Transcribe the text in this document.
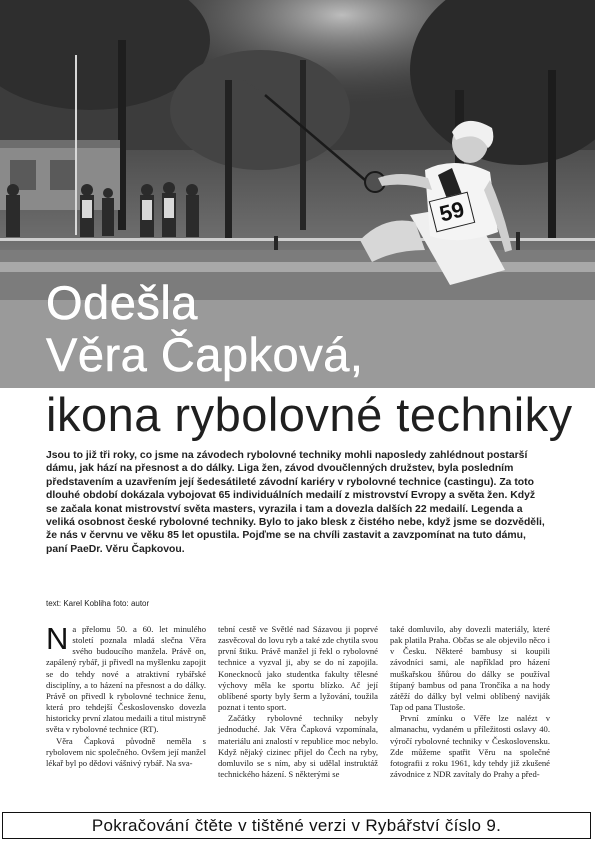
59
Odešla
Věra Čapková,
ikona rybolovné techniky
Jsou to již tři roky, co jsme na závodech rybolovné techniky mohli naposledy zahlédnout postarší dámu, jak hází na přesnost a do dálky. Liga žen, závod dvoučlenných družstev, byla posledním představením a uzavřením její šedesátileté závodní kariéry v rybolovné technice (castingu). Za toto dlouhé období dokázala vybojovat 65 individuálních medailí z mistrovství Evropy a světa žen. Když se začala konat mistrovství světa masters, vyrazila i tam a dovezla dalších 22 medailí. Legenda a veliká osobnost české rybolovné techniky. Bylo to jako blesk z čistého nebe, když jsme se dozvěděli, že nás v červnu ve věku 85 let opustila. Pojďme se na chvíli zastavit a zavzpomínat na tuto dámu, paní PaeDr. Věru Čapkovou.
text: Karel Kobliha foto: autor

Na přelomu 50. a 60. let minulého století poznala mladá slečna Věra svého budoucího manžela. Právě on, zapálený rybář, ji přivedl na myšlenku zapojit se do tehdy nové a atraktivní rybářské disciplíny, a to házení na přesnost a do dálky. Právě on přivedl k rybolovné technice ženu, která pro tehdejší Československo dovezla historicky první zlatou medaili a titul mistryně světa v rybolovné technice (RT).

Věra Čapková původně neměla s rybolovem nic společného. Ovšem její manžel lékař byl po dědovi vášnivý rybář. Na sva-

tební cestě ve Světlé nad Sázavou ji poprvé zasvěcoval do lovu ryb a také zde chytila svou první štiku. Právě manžel jí řekl o rybolovné technice a vyzval ji, aby se do ní zapojila. Konecknoců jako studentka fakulty tělesné výchovy měla ke sportu blízko. Ač její oblíbené sporty byly šerm a lyžování, toužila poznat i tento sport.

Začátky rybolovné techniky nebyly jednoduché. Jak Věra Čapková vzpomínala, materiálu ani znalostí v republice moc nebylo. Když nějaký cizinec přijel do Čech na ryby, domluvilo se s ním, aby si udělal instruktáž technického házení. S některými se

také domluvilo, aby dovezli materiály, které pak platila Praha. Občas se ale objevilo něco i v Česku. Některé bambusy si koupili závodníci sami, ale například pro házení muškařskou šňůrou do dálky se používal štípaný bambus od pana Trončíka a na hody zátěží do dálky byl velmi oblíbený naviják Tap od pana Tlustoše.

První zmínku o Věře lze nalézt v almanachu, vydaném u příležitosti oslavy 40. výročí rybolovné techniky v Československu. Zde můžeme spatřit Věru na společné fotografii z roku 1961, kdy tehdy již zkušené závodnice z NDR zavítaly do Prahy a před-

Pokračování čtěte v tištěné verzi v Rybářství číslo 9.
